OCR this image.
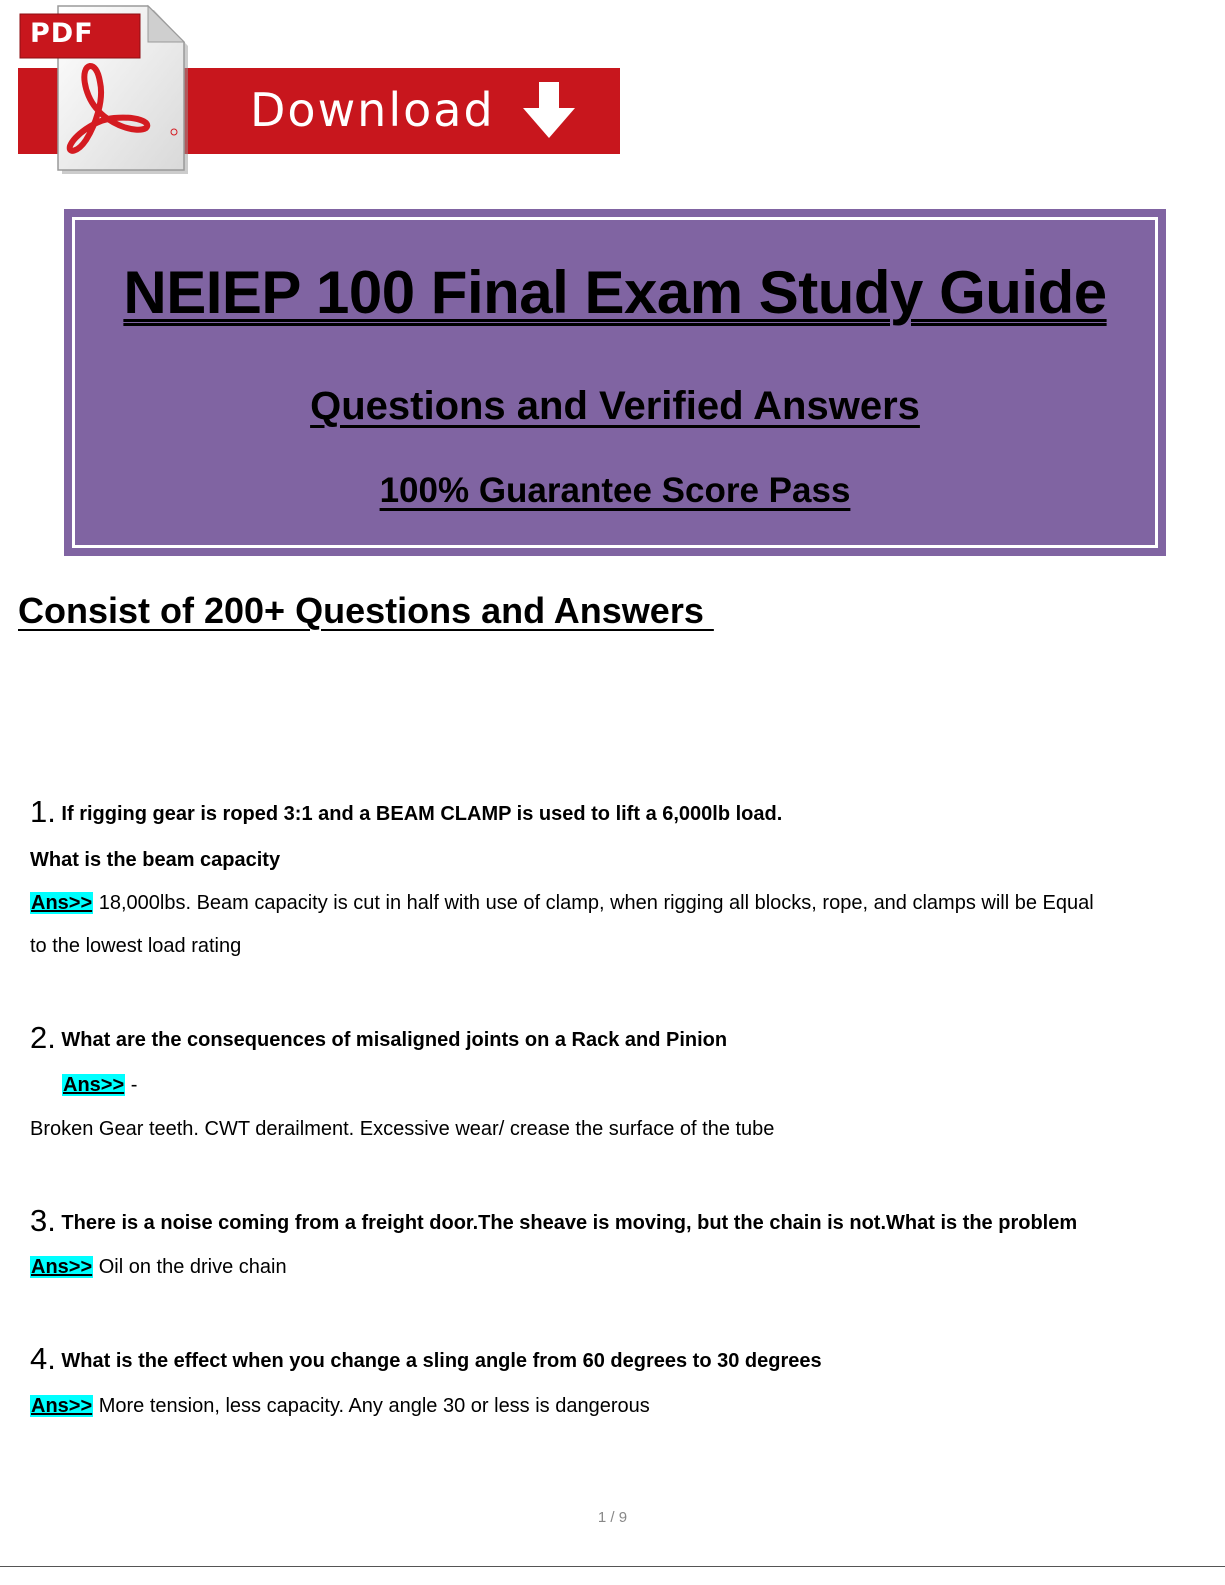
Download
PDF
NEIEP 100 Final Exam Study Guide
Questions and Verified Answers
100% Guarantee Score Pass
Consist of 200+ Questions and Answers
1. If rigging gear is roped 3:1 and a BEAM CLAMP is used to lift a 6,000lb load.
What is the beam capacity
Ans>> 18,000lbs. Beam capacity is cut in half with use of clamp, when rigging all blocks, rope, and clamps will be Equal
to the lowest load rating
2. What are the consequences of misaligned joints on a Rack and Pinion
Ans>> -
Broken Gear teeth. CWT derailment. Excessive wear/ crease the surface of the tube
3. There is a noise coming from a freight door.The sheave is moving, but the chain is not.What is the problem
Ans>> Oil on the drive chain
4. What is the effect when you change a sling angle from 60 degrees to 30 degrees
Ans>> More tension, less capacity. Any angle 30 or less is dangerous
1 / 9
